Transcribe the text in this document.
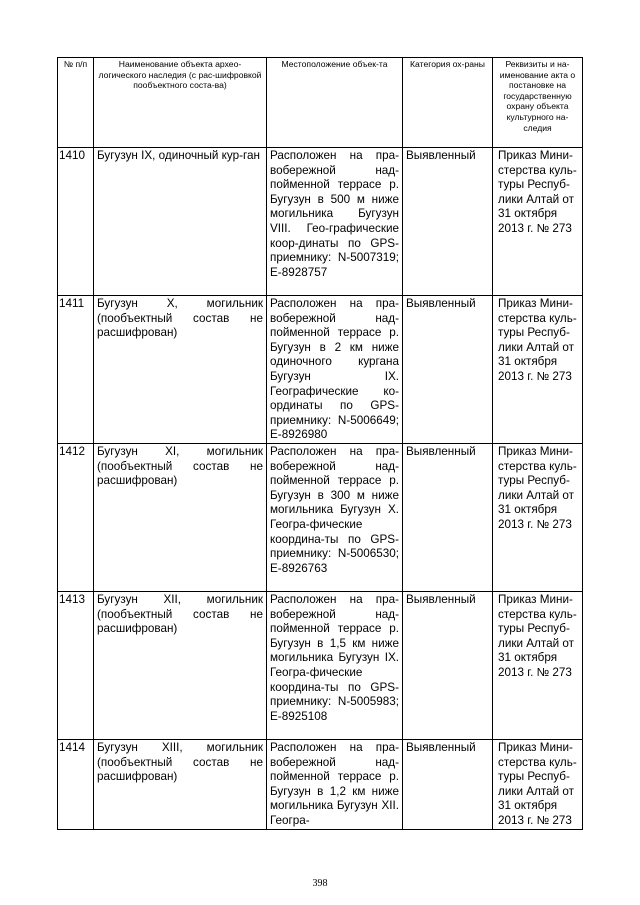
№ п/п	Наименование объекта архео-логического наследия (с рас-шифровкой пообъектного соста-ва)	Местоположение объек-та	Категория ох-раны	Реквизиты и на-именование акта о постановке на государственную охрану объекта культурного на-следия
1410	Бугузун IX, одиночный кур-ган	Расположен на пра-вобережной над-пойменной террасе р. Бугузун в 500 м ниже могильника Бугузун VIII. Гео-графические коор-динаты по GPS-приемнику: N-5007319; E-8928757	Выявленный	Приказ Мини-стерства куль-туры Респуб-лики Алтай от 31 октября 2013 г. № 273
1411	Бугузун X, могильник (пообъектный состав не расшифрован)	Расположен на пра-вобережной над-пойменной террасе р. Бугузун в 2 км ниже одиночного кургана Бугузун IX. Географические ко-ординаты по GPS-приемнику: N-5006649; E-8926980	Выявленный	Приказ Мини-стерства куль-туры Респуб-лики Алтай от 31 октября 2013 г. № 273
1412	Бугузун XI, могильник (пообъектный состав не расшифрован)	Расположен на пра-вобережной над-пойменной террасе р. Бугузун в 300 м ниже могильника Бугузун X. Геогра-фические координа-ты по GPS-приемнику: N-5006530; E-8926763	Выявленный	Приказ Мини-стерства куль-туры Респуб-лики Алтай от 31 октября 2013 г. № 273
1413	Бугузун XII, могильник (пообъектный состав не расшифрован)	Расположен на пра-вобережной над-пойменной террасе р. Бугузун в 1,5 км ниже могильника Бугузун IX. Геогра-фические координа-ты по GPS-приемнику: N-5005983; E-8925108	Выявленный	Приказ Мини-стерства куль-туры Респуб-лики Алтай от 31 октября 2013 г. № 273
1414	Бугузун XIII, могильник (пообъектный состав не расшифрован)	Расположен на пра-вобережной над-пойменной террасе р. Бугузун в 1,2 км ниже могильника Бугузун XII. Геогра-	Выявленный	Приказ Мини-стерства куль-туры Респуб-лики Алтай от 31 октября 2013 г. № 273
398
